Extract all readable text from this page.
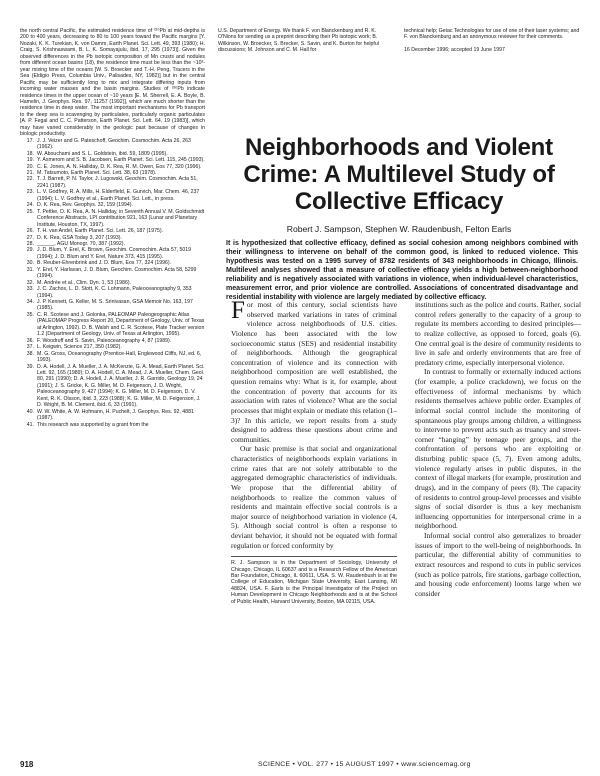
the north central Pacific, the estimated residence time of ²¹⁰Pb at mid-depths is 200 to 400 years, decreasing to 80 to 100 years toward the Pacific margins [Y. Nozaki, K. K. Turekian, K. von Damm, Earth Planet. Sci. Lett. 49, 393 (1980); H. Craig, S. Krishnaswami, B. L. K. Somayajulu, ibid. 17, 295 (1973)]. Given the observed differences in the Pb isotopic composition of Mn crusts and nodules from different ocean basins (18), the residence time must be less than the ~10³-year mixing time of the oceans [W. S. Broecker and T.-H. Peng, Tracers in the Sea (Eldigio Press, Columbia Univ., Palisades, NY, 1982)] but in the central Pacific may be sufficiently long to mix and integrate differing inputs from incoming water masses and the basin margins. Studies of ²³⁰Pb indicate residence times in the upper ocean of ~10 years [E. M. Sherrell, E. A. Boyle, B. Hamelin, J. Geophys. Res. 97, 11257 (1992)], which are much shorter than the residence time in deep water. The most important mechanisms for Pb transport to the deep sea is scavenging by particulates, particularly organic particulates [A. P. Fegal and C. C. Patterson, Earth Planet. Sci. Lett. 64, 19 (1983)], which may have varied considerably in the geologic past because of changes in biologic productivity.

17. J. J. Veizer and G. Pateschoff, Geochim. Cosmochim. Acta 26, 263 (1962).
18. W. Abouchami and S. L. Goldstein, ibid. 59, 1809 (1995).
19. Y. Asmerom and S. B. Jacobsen, Earth Planet. Sci. Lett. 115, 245 (1993).
20. C. E. Jones, A. N. Halliday, D. K. Rea, R. M. Owen, Eos 77, 320 (1996).
21. M. Tatsumoto, Earth Planet. Sci. Lett. 38, 63 (1978).
22. T. J. Barrett, P. N. Taylor, J. Lugowski, Geochim. Cosmochim. Acta 51, 2241 (1987).
23. L. V. Godfrey, R. A. Mills, H. Elderfield, E. Gurvich, Mar. Chem. 46, 237 (1994); L. V. Godfrey et al., Earth Planet. Sci. Lett., in press.
24. D. K. Rea, Rev. Geophys. 32, 159 (1994).
25. T. Pettke, D. K. Rea, A. N. Halliday, in Seventh Annual V. M. Goldschmidt Conference Abstracts, LPI contribution 921, 163 (Lunar and Planetary Institute, Houston, TX, 1997).
26. T. H. van Andel, Earth Planet. Sci. Lett. 26, 187 (1975).
27. D. K. Rea, GSA Today 3, 207 (1993).
28. ______, AGU Monogr. 70, 387 (1992).
29. J. D. Blum, Y. Erel, K. Brown, Geochim. Cosmochim. Acta 57, 5019 (1994); J. D. Blum and Y. Erel, Nature 373, 415 (1995).
30. B. Reuber-Ehrenbrink and J. D. Blum, Eos 77, 324 (1996).
31. Y. Erel, Y. Harlavan, J. D. Blum, Geochim. Cosmochim. Acta 58, 5299 (1994).
32. M. Andrée et al., Clim. Dyn. 1, 53 (1986).
33. J. C. Zachos, L. D. Stott, K. C. Lohmann, Paleoceanography 9, 353 (1994).
34. J. P. Kennett, G. Keller, M. S. Srinivasan, GSA Memoir No. 163, 197 (1985).
35. C. R. Scotese and J. Golonka, PALEOMAP Paleogeographic Atlas (PALEOMAP Progress Report 20, Department of Geology, Univ. of Texas at Arlington, 1992). D. B. Walsh and C. R. Scotese, Plate Tracker version 1.2 (Department of Geology, Univ. of Texas at Arlington, 1995).
36. F. Woodruff and S. Savin, Paleoceanography 4, 87 (1989).
37. L. Keigwin, Science 217, 350 (1982).
38. M. G. Gross, Oceanography (Prentice-Hall, Englewood Cliffs, NJ, ed. 6, 1993).
39. D. A. Hodell, J. A. Mueller, J. A. McKenzie, G. A. Mead, Earth Planet. Sci. Lett. 92, 165 (1989); D. A. Hodell, C. A. Mead, J. A. Mueller, Chem. Geol. 80, 291 (1990); D. A. Hodell, J. A. Mueller, J. R. Garrido, Geology 19, 24 (1991); J. S. Gricke, K. G. Miller, M. D. Feigenson, J. D. Wright, Paleoceanography 9, 427 (1994); K. G. Miller, M. D. Feigenson, D. V. Kent, R. K. Olsson, ibid. 3, 223 (1988); K. G. Miller, M. D. Feigenson, J. D. Wright, B. M. Clement, ibid. 6, 33 (1991).
40. W. W. White, A. W. Hofmann, H. Puchelt, J. Geophys. Res. 92, 4881 (1987).
41. This research was supported by a grant from the

U.S. Department of Energy. We thank F. von Blanckenburg and R. K. O'Nions for sending us a preprint describing their Pb isotopic work; B. Wilkinson, W. Broecker, S. Brecker, S. Savin, and K. Burton for helpful discussions; M. Johnson and C. M. Hall for

technical help; Getac Technologies for use of one of their laser systems; and F. von Blanckenburg and an anonymous reviewer for their comments.

16 December 1996; accepted 19 June 1997

Neighborhoods and Violent Crime: A Multilevel Study of Collective Efficacy
Robert J. Sampson, Stephen W. Raudenbush, Felton Earls
It is hypothesized that collective efficacy, defined as social cohesion among neighbors combined with their willingness to intervene on behalf of the common good, is linked to reduced violence. This hypothesis was tested on a 1995 survey of 8782 residents of 343 neighborhoods in Chicago, Illinois. Multilevel analyses showed that a measure of collective efficacy yields a high between-neighborhood reliability and is negatively associated with variations in violence, when individual-level characteristics, measurement error, and prior violence are controlled. Associations of concentrated disadvantage and residential instability with violence are largely mediated by collective efficacy.

For most of this century, social scientists have observed marked variations in rates of criminal violence across neighborhoods of U.S. cities. Violence has been associated with the low socioeconomic status (SES) and residential instability of neighborhoods. Although the geographical concentration of violence and its connection with neighborhood composition are well established, the question remains why: What is it, for example, about the concentration of poverty that accounts for its association with rates of violence? What are the social processes that might explain or mediate this relation (1–3)? In this article, we report results from a study designed to address these questions about crime and communities.

Our basic premise is that social and organizational characteristics of neighborhoods explain variations in crime rates that are not solely attributable to the aggregated demographic characteristics of individuals. We propose that the differential ability of neighborhoods to realize the common values of residents and maintain effective social controls is a major source of neighborhood variation in violence (4, 5). Although social control is often a response to deviant behavior, it should not be equated with formal regulation or forced conformity by

R. J. Sampson is in the Department of Sociology, University of Chicago, Chicago, IL 60637 and is a Research Fellow of the American Bar Foundation, Chicago, IL 60611, USA. S. W. Raudenbush is at the College of Education, Michigan State University, East Lansing, MI 48824, USA. F. Earls is the Principal Investigator of the Project on Human Development in Chicago Neighborhoods and is at the School of Public Health, Harvard University, Boston, MA 02115, USA.

institutions such as the police and courts. Rather, social control refers generally to the capacity of a group to regulate its members according to desired principles—to realize collective, as opposed to forced, goals (6). One central goal is the desire of community residents to live in safe and orderly environments that are free of predatory crime, especially interpersonal violence.

In contrast to formally or externally induced actions (for example, a police crackdown), we focus on the effectiveness of informal mechanisms by which residents themselves achieve public order. Examples of informal social control include the monitoring of spontaneous play groups among children, a willingness to intervene to prevent acts such as truancy and street-corner “hanging” by teenage peer groups, and the confrontation of persons who are exploiting or disturbing public space (5, 7). Even among adults, violence regularly arises in public disputes, in the context of illegal markets (for example, prostitution and drugs), and in the company of peers (8). The capacity of residents to control group-level processes and visible signs of social disorder is thus a key mechanism influencing opportunities for interpersonal crime in a neighborhood.

Informal social control also generalizes to broader issues of import to the well-being of neighborhoods. In particular, the differential ability of communities to extract resources and respond to cuts in public services (such as police patrols, fire stations, garbage collection, and housing code enforcement) looms large when we consider

918	SCIENCE • VOL. 277 • 15 AUGUST 1997 • www.sciencemag.org
